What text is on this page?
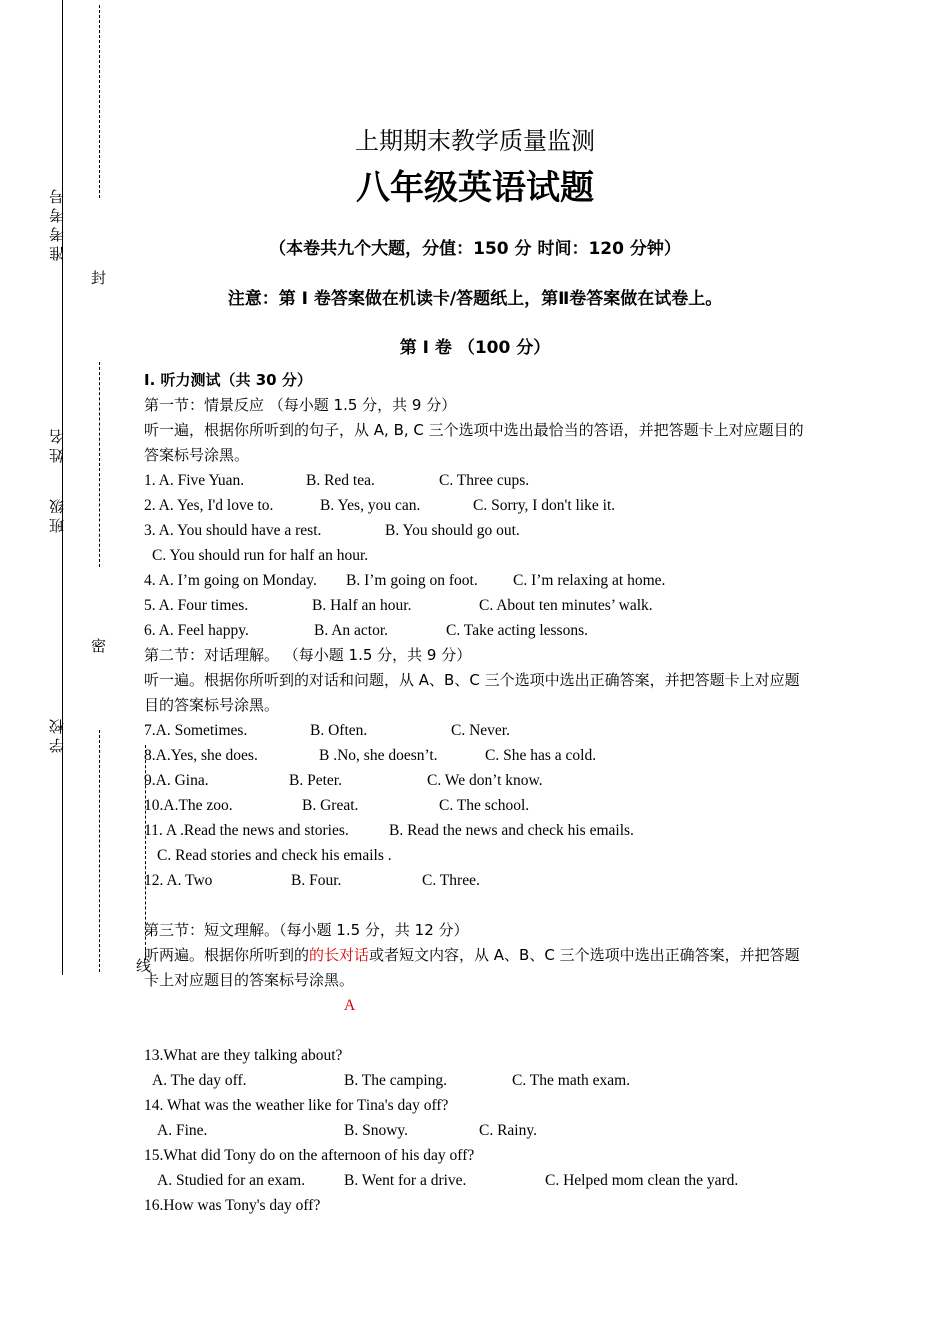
准考考号
姓名
班级
学校
封
密
线
上期期末教学质量监测
八年级英语试题
（本卷共九个大题，分值：150 分 时间：120 分钟）
注意：第 I 卷答案做在机读卡/答题纸上，第Ⅱ卷答案做在试卷上。
第 I 卷 （100 分）
I. 听力测试（共 30 分）
第一节：情景反应 （每小题 1.5 分，共 9 分）
听一遍，根据你所听到的句子，从 A, B, C 三个选项中选出最恰当的答语，并把答题卡上对应题目的答案标号涂黑。
1. A. Five Yuan.	B. Red tea.	C. Three cups.
2. A. Yes, I'd love to.	B. Yes, you can.	C. Sorry, I don't like it.
3. A. You should have a rest.	B. You should go out.
C. You should run for half an hour.
4. A. I’m going on Monday. B. I’m going on foot. C. I’m relaxing at home.
5. A. Four times.	B. Half an hour.	C. About ten minutes’ walk.
6. A. Feel happy.	B. An actor.	C. Take acting lessons.
第二节：对话理解。 （每小题 1.5 分，共 9 分）
听一遍。根据你所听到的对话和问题，从 A、B、C 三个选项中选出正确答案，并把答题卡上对应题目的答案标号涂黑。
7.A. Sometimes.	B. Often.	C. Never.
8.A.Yes, she does.	B .No, she doesn’t.	C. She has a cold.
9.A. Gina.	B. Peter.	C. We don’t know.
10.A.The zoo.	B. Great.	C. The school.
11. A .Read the news and stories.	B. Read the news and check his emails.
C. Read stories and check his emails .
12. A. Two	B. Four.	C. Three.
第三节：短文理解。（每小题 1.5 分，共 12 分）
听两遍。根据你所听到的的长对话或者短文内容，从 A、B、C 三个选项中选出正确答案，并把答题卡上对应题目的答案标号涂黑。
A
13.What are they talking about?
A. The day off.	B. The camping.	C. The math exam.
14. What was the weather like for Tina's day off?
A. Fine.	B. Snowy.	C. Rainy.
15.What did Tony do on the afternoon of his day off?
A. Studied for an exam.	B. Went for a drive.	C. Helped mom clean the yard.
16.How was Tony's day off?
